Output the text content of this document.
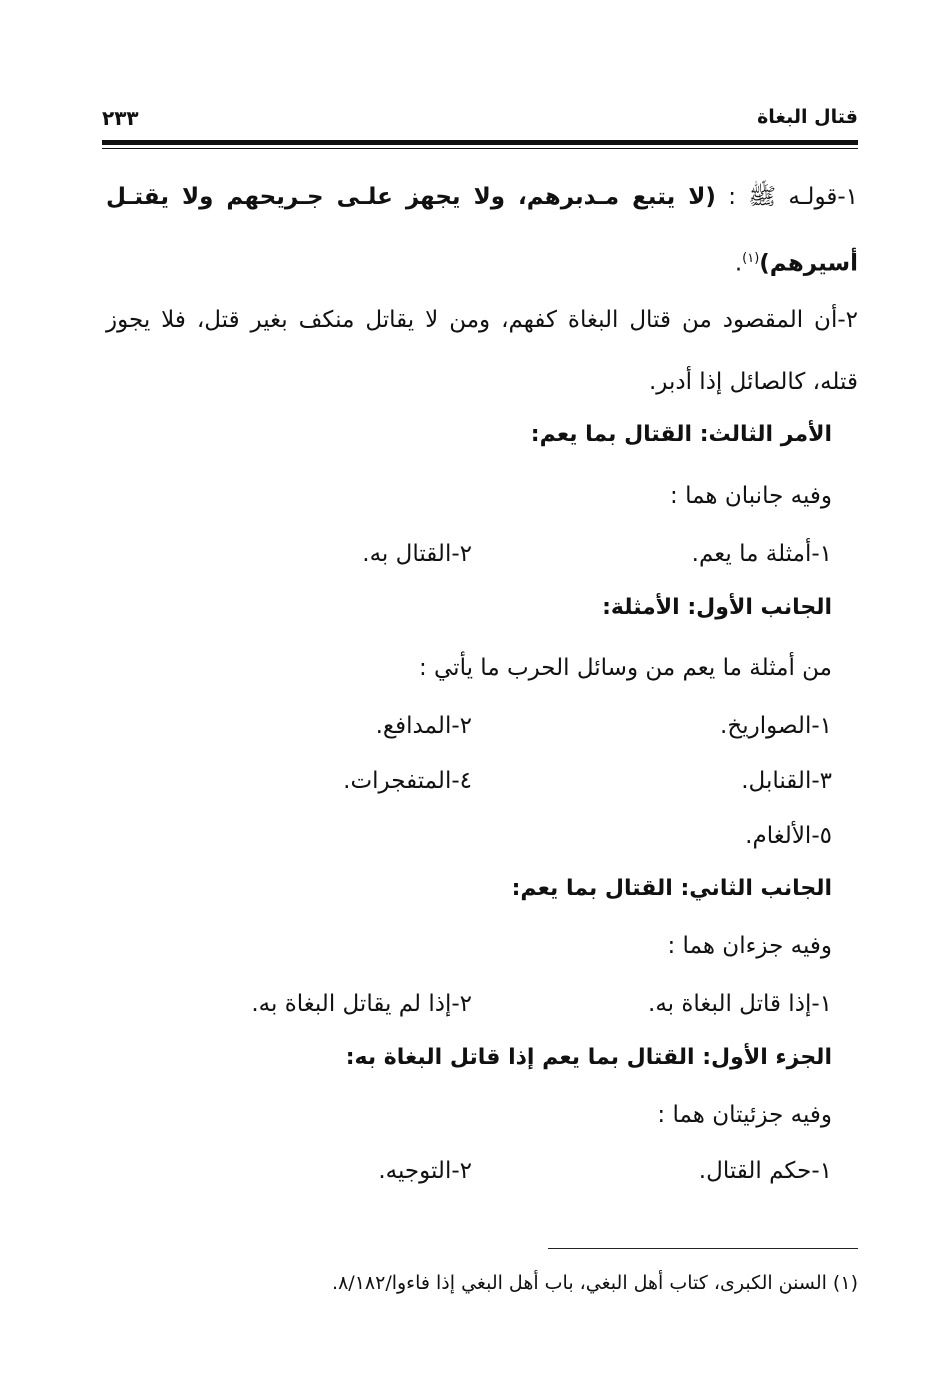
قتال البغاة
٢٣٣
١-قولـه ﷺ : (لا يتبع مـدبرهم، ولا يجهز علـى جـريحهم ولا يقتـل أسيرهم)$^{(١)}$.
٢-أن المقصود من قتال البغاة كفهم، ومن لا يقاتل منكف بغير قتل، فلا يجوز قتله، كالصائل إذا أدبر.
الأمر الثالث: القتال بما يعم:
وفيه جانبان هما :
١-أمثلة ما يعم.
٢-القتال به.
الجانب الأول: الأمثلة:
من أمثلة ما يعم من وسائل الحرب ما يأتي :
١-الصواريخ.
٢-المدافع.
٣-القنابل.
٤-المتفجرات.
٥-الألغام.
الجانب الثاني: القتال بما يعم:
وفيه جزءان هما :
١-إذا قاتل البغاة به.
٢-إذا لم يقاتل البغاة به.
الجزء الأول: القتال بما يعم إذا قاتل البغاة به:
وفيه جزئيتان هما :
١-حكم القتال.
٢-التوجيه.
(١) السنن الكبرى، كتاب أهل البغي، باب أهل البغي إذا فاءوا/٨/١٨٢.
